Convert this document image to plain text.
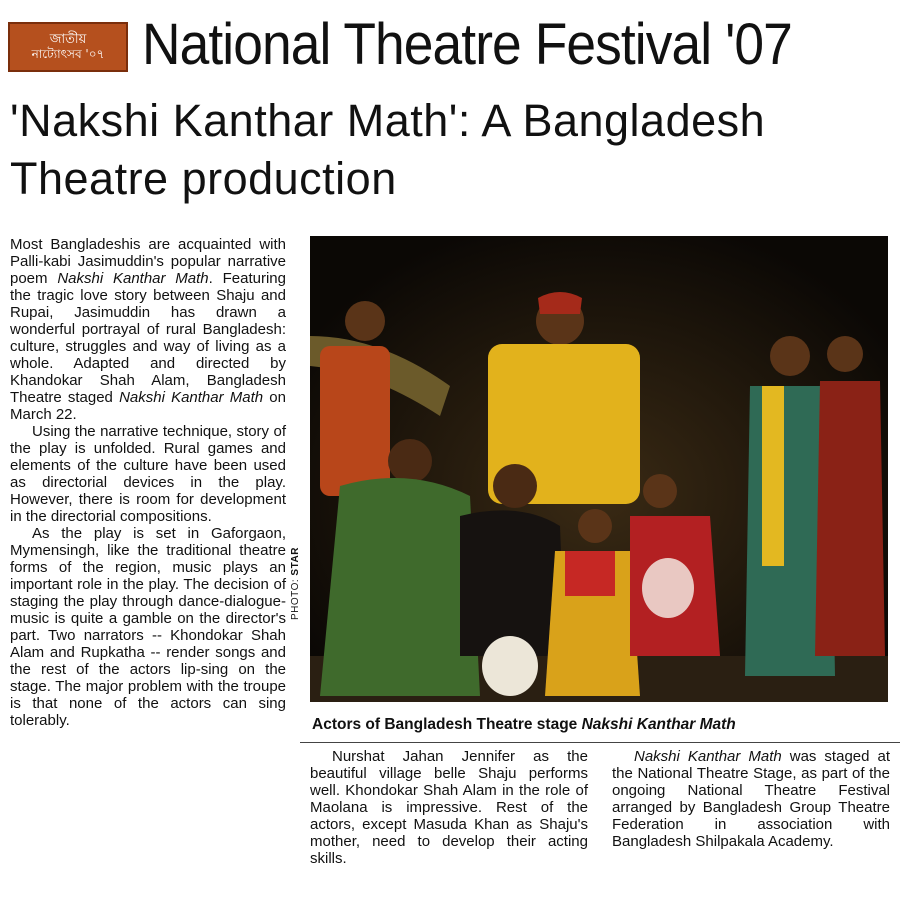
জাতীয়
নাট্যোৎসব '০৭ National Theatre Festival '07
'Nakshi Kanthar Math': A Bangladesh Theatre production

Most Bangladeshis are acquainted with Palli-kabi Jasimuddin's popular narrative poem Nakshi Kanthar Math. Featuring the tragic love story between Shaju and Rupai, Jasimuddin has drawn a wonderful portrayal of rural Bangladesh: culture, struggles and way of living as a whole. Adapted and directed by Khandokar Shah Alam, Bangladesh Theatre staged Nakshi Kanthar Math on March 22.

Using the narrative technique, story of the play is unfolded. Rural games and elements of the culture have been used as directorial devices in the play. However, there is room for development in the directorial compositions.

As the play is set in Gaforgaon, Mymensingh, like the traditional theatre forms of the region, music plays an important role in the play. The decision of staging the play through dance-dialogue-music is quite a gamble on the director's part. Two narrators -- Khondokar Shah Alam and Rupkatha -- render songs and the rest of the actors lip-sing on the stage. The major problem with the troupe is that none of the actors can sing tolerably.

PHOTO: STAR
Actors of Bangladesh Theatre stage Nakshi Kanthar Math

Nurshat Jahan Jennifer as the beautiful village belle Shaju performs well. Khondokar Shah Alam in the role of Maolana is impressive. Rest of the actors, except Masuda Khan as Shaju's mother, need to develop their acting skills.

Nakshi Kanthar Math was staged at the National Theatre Stage, as part of the ongoing National Theatre Festival arranged by Bangladesh Group Theatre Federation in association with Bangladesh Shilpakala Academy.
